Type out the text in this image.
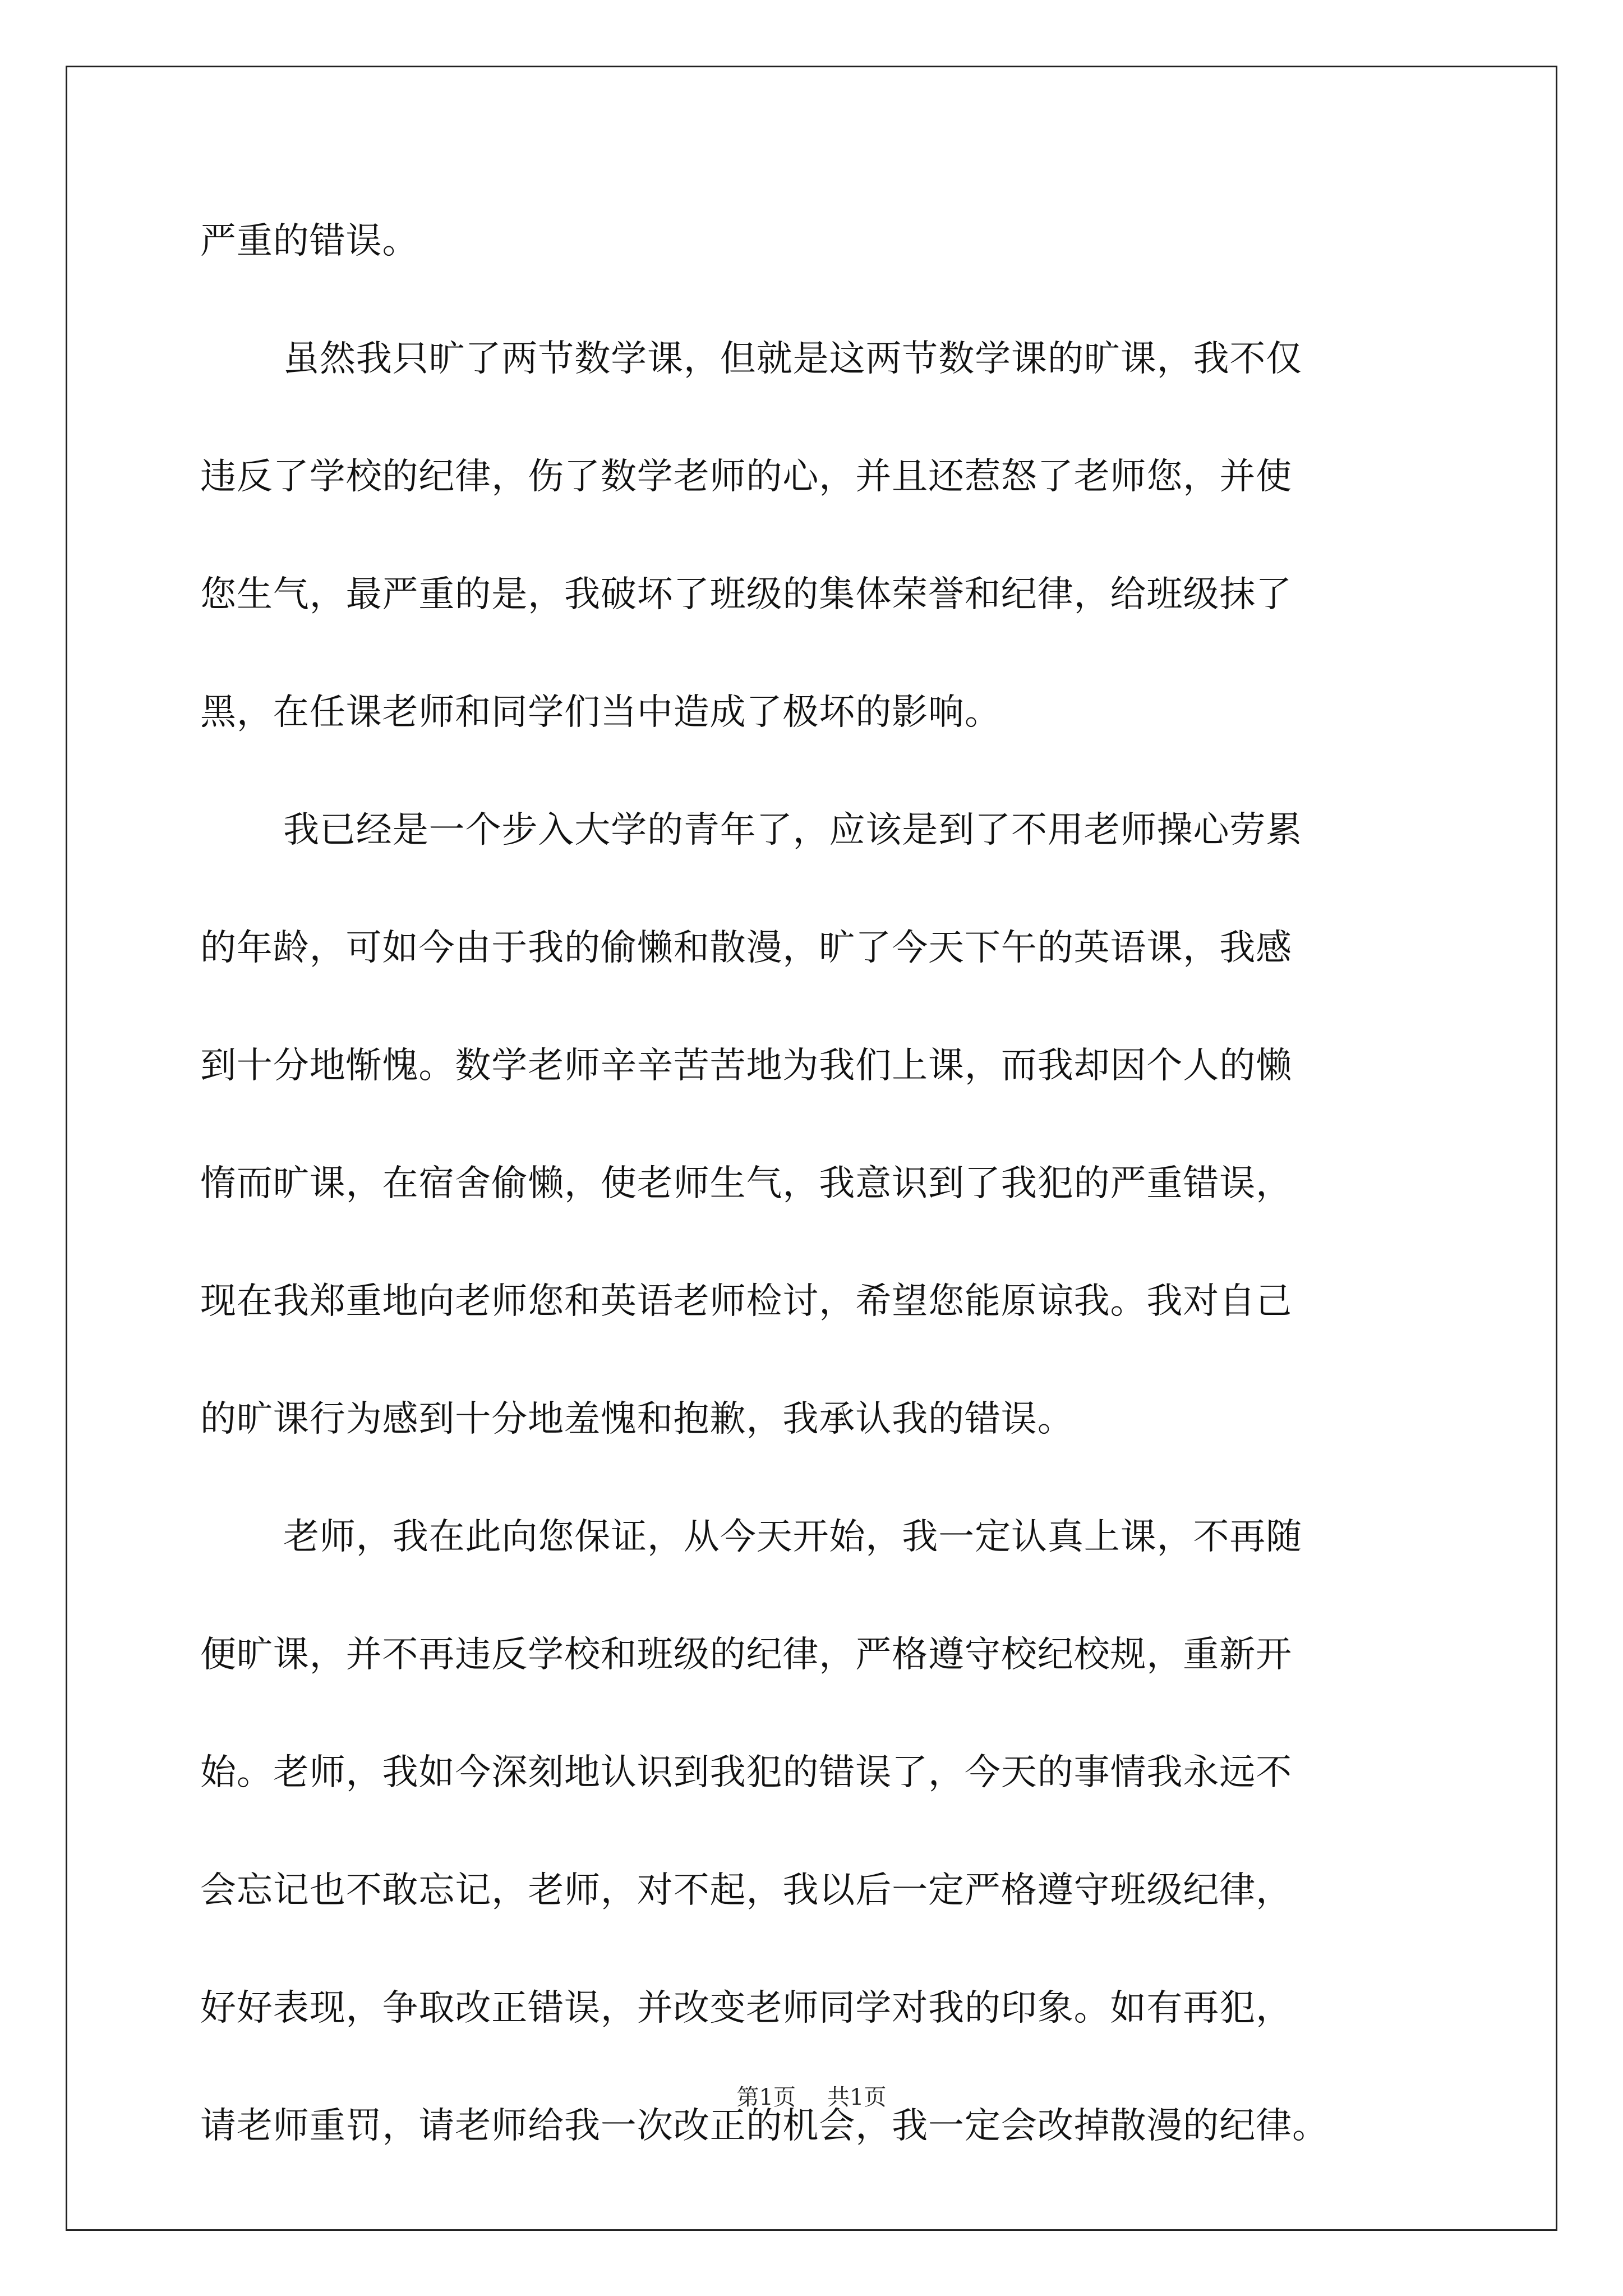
严重的错误。
虽然我只旷了两节数学课，但就是这两节数学课的旷课，我不仅
违反了学校的纪律，伤了数学老师的心，并且还惹怒了老师您，并使
您生气，最严重的是，我破坏了班级的集体荣誉和纪律，给班级抹了
黑，在任课老师和同学们当中造成了极坏的影响。
我已经是一个步入大学的青年了，应该是到了不用老师操心劳累
的年龄，可如今由于我的偷懒和散漫，旷了今天下午的英语课，我感
到十分地惭愧。数学老师辛辛苦苦地为我们上课，而我却因个人的懒
惰而旷课，在宿舍偷懒，使老师生气，我意识到了我犯的严重错误，
现在我郑重地向老师您和英语老师检讨，希望您能原谅我。我对自己
的旷课行为感到十分地羞愧和抱歉，我承认我的错误。
老师，我在此向您保证，从今天开始，我一定认真上课，不再随
便旷课，并不再违反学校和班级的纪律，严格遵守校纪校规，重新开
始。老师，我如今深刻地认识到我犯的错误了，今天的事情我永远不
会忘记也不敢忘记，老师，对不起，我以后一定严格遵守班级纪律，
好好表现，争取改正错误，并改变老师同学对我的印象。如有再犯，
请老师重罚，请老师给我一次改正的机会，我一定会改掉散漫的纪律。
第1页 共1页
